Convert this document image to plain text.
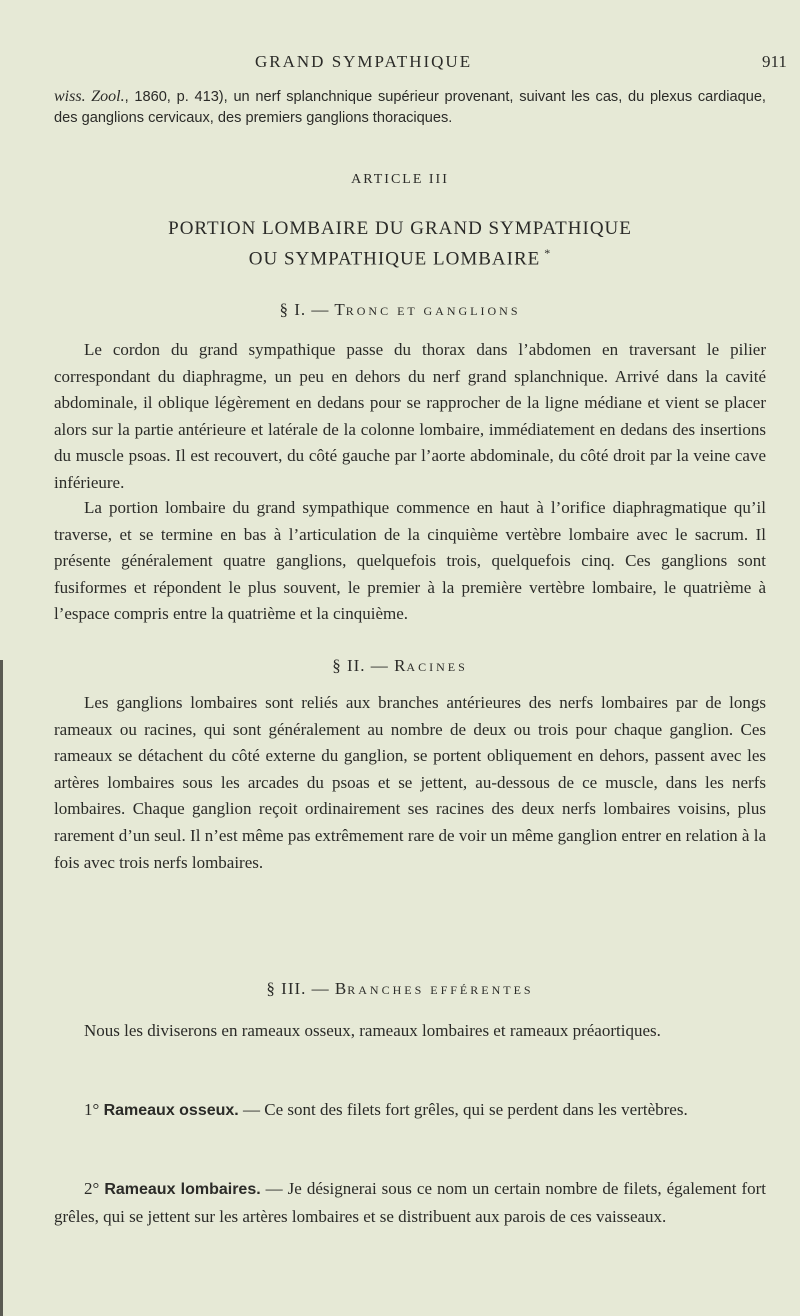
GRAND SYMPATHIQUE	911
wiss. Zool., 1860, p. 413), un nerf splanchnique supérieur provenant, suivant les cas, du plexus cardiaque, des ganglions cervicaux, des premiers ganglions thoraciques.
ARTICLE III
PORTION LOMBAIRE DU GRAND SYMPATHIQUE
OU SYMPATHIQUE LOMBAIRE *
§ I. — TRONC ET GANGLIONS

Le cordon du grand sympathique passe du thorax dans l’abdomen en traversant le pilier correspondant du diaphragme, un peu en dehors du nerf grand splanchnique. Arrivé dans la cavité abdominale, il oblique légèrement en dedans pour se rapprocher de la ligne médiane et vient se placer alors sur la partie antérieure et latérale de la colonne lombaire, immédiatement en dedans des insertions du muscle psoas. Il est recouvert, du côté gauche par l’aorte abdominale, du côté droit par la veine cave inférieure.

La portion lombaire du grand sympathique commence en haut à l’orifice diaphragmatique qu’il traverse, et se termine en bas à l’articulation de la cinquième vertèbre lombaire avec le sacrum. Il présente généralement quatre ganglions, quelquefois trois, quelquefois cinq. Ces ganglions sont fusiformes et répondent le plus souvent, le premier à la première vertèbre lombaire, le quatrième à l’espace compris entre la quatrième et la cinquième.

§ II. — RACINES

Les ganglions lombaires sont reliés aux branches antérieures des nerfs lombaires par de longs rameaux ou racines, qui sont généralement au nombre de deux ou trois pour chaque ganglion. Ces rameaux se détachent du côté externe du ganglion, se portent obliquement en dehors, passent avec les artères lombaires sous les arcades du psoas et se jettent, au-dessous de ce muscle, dans les nerfs lombaires. Chaque ganglion reçoit ordinairement ses racines des deux nerfs lombaires voisins, plus rarement d’un seul. Il n’est même pas extrêmement rare de voir un même ganglion entrer en relation à la fois avec trois nerfs lombaires.

§ III. — BRANCHES EFFÉRENTES

Nous les diviserons en rameaux osseux, rameaux lombaires et rameaux préaortiques.

1° Rameaux osseux. — Ce sont des filets fort grêles, qui se perdent dans les vertèbres.

2° Rameaux lombaires. — Je désignerai sous ce nom un certain nombre de filets, également fort grêles, qui se jettent sur les artères lombaires et se distribuent aux parois de ces vaisseaux.
